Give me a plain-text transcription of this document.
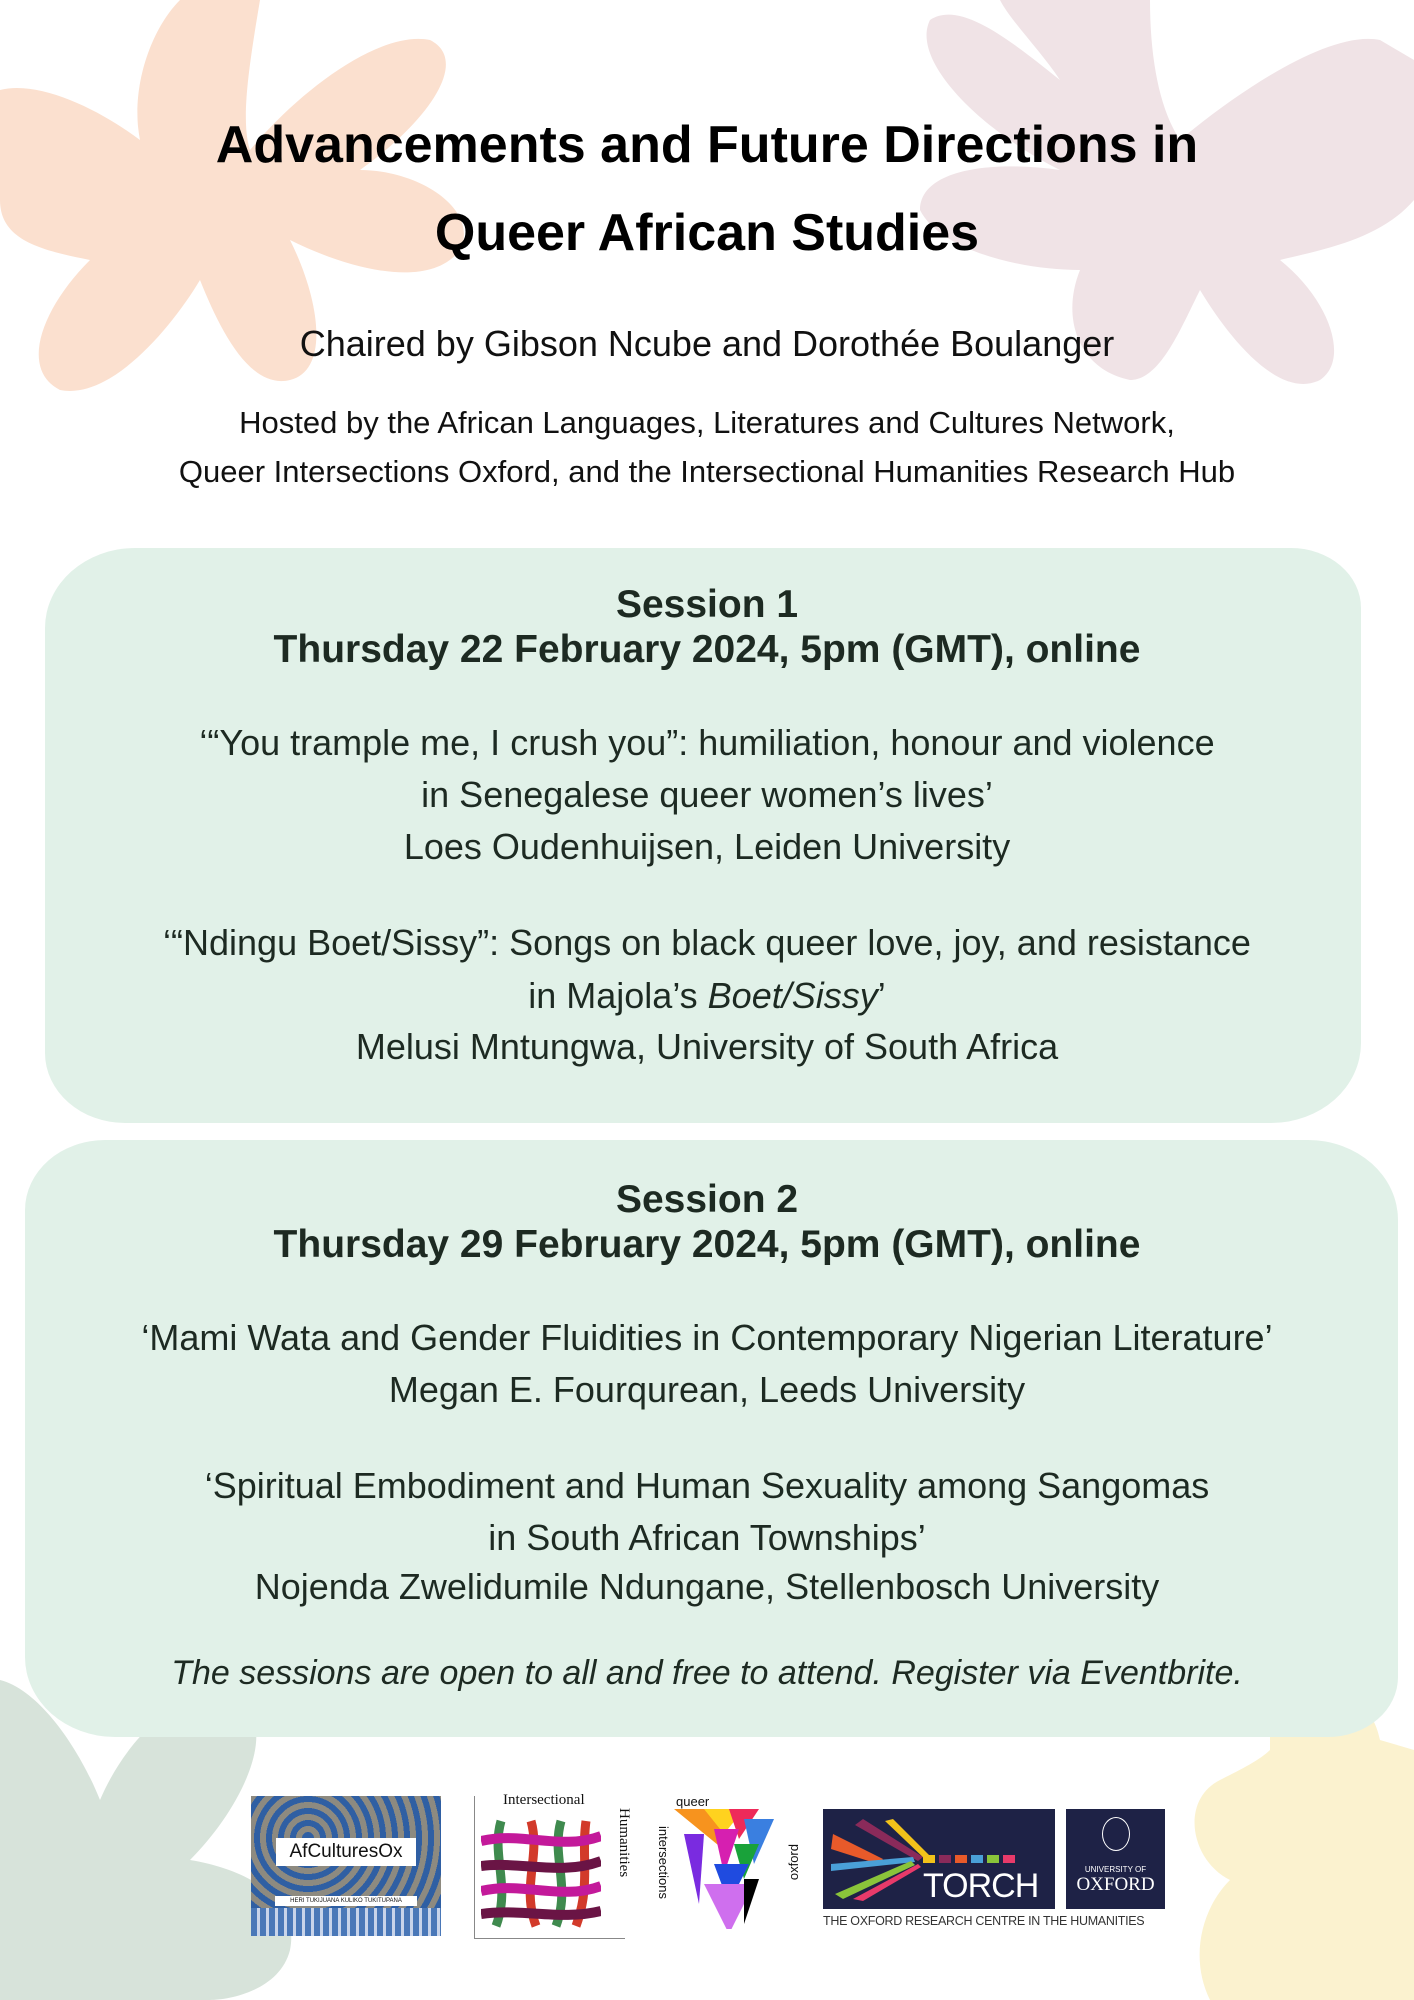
Advancements and Future Directions in
Queer African Studies
Chaired by Gibson Ncube and Dorothée Boulanger
Hosted by the African Languages, Literatures and Cultures Network,
Queer Intersections Oxford, and the Intersectional Humanities Research Hub
Session 1
Thursday 22 February 2024, 5pm (GMT), online
‘“You trample me, I crush you”: humiliation, honour and violence
in Senegalese queer women’s lives’
Loes Oudenhuijsen, Leiden University
‘“Ndingu Boet/Sissy”: Songs on black queer love, joy, and resistance
in Majola’s Boet/Sissy’
Melusi Mntungwa, University of South Africa
Session 2
Thursday 29 February 2024, 5pm (GMT), online
‘Mami Wata and Gender Fluidities in Contemporary Nigerian Literature’
Megan E. Fourqurean, Leeds University
‘Spiritual Embodiment and Human Sexuality among Sangomas
in South African Townships’
Nojenda Zwelidumile Ndungane, Stellenbosch University
The sessions are open to all and free to attend. Register via Eventbrite.
AfCulturesOx
HERI TUKIJUANA KULIKO TUKITUPANA
Intersectional
Humanities
queer
intersections	oxford
TORCH	UNIVERSITY OF
OXFORD
THE OXFORD RESEARCH CENTRE IN THE HUMANITIES
